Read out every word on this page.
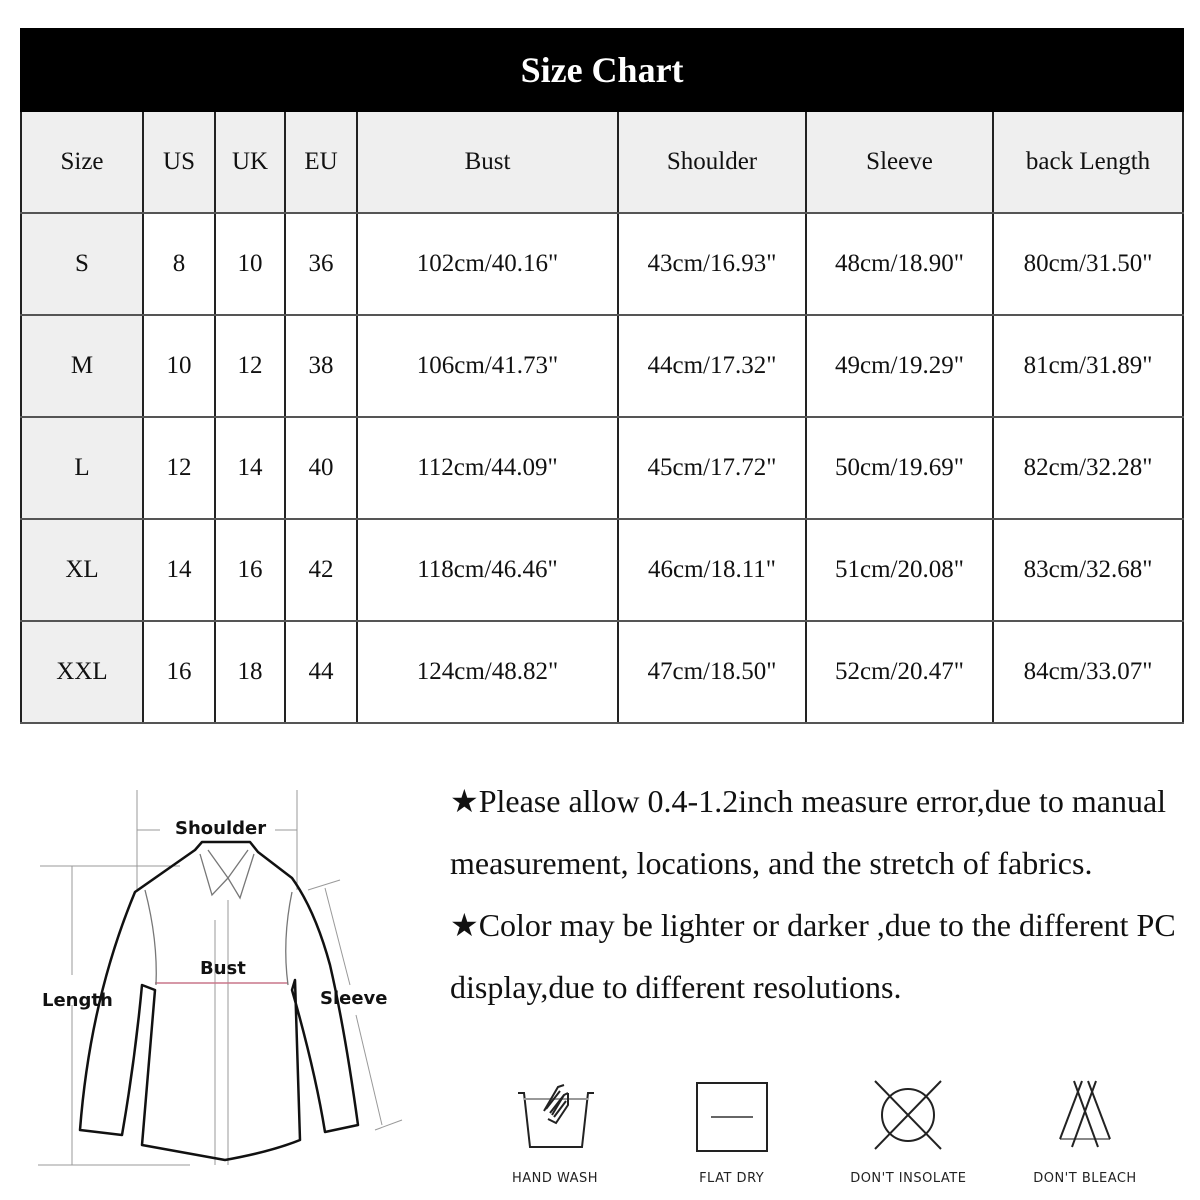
Size Chart							
Size	US	UK	EU	Bust	Shoulder	Sleeve	back Length
S	8	10	36	102cm/40.16"	43cm/16.93"	48cm/18.90"	80cm/31.50"
M	10	12	38	106cm/41.73"	44cm/17.32"	49cm/19.29"	81cm/31.89"
L	12	14	40	112cm/44.09"	45cm/17.72"	50cm/19.69"	82cm/32.28"
XL	14	16	42	118cm/46.46"	46cm/18.11"	51cm/20.08"	83cm/32.68"
XXL	16	18	44	124cm/48.82"	47cm/18.50"	52cm/20.47"	84cm/33.07"
Shoulder
Bust
Length	Sleeve

★Please allow 0.4-1.2inch measure error,due to manual measurement, locations, and the stretch of fabrics.

★Color may be lighter or darker ,due to the different PC display,due to different resolutions.

HAND WASH	FLAT DRY	DON'T INSOLATE	DON'T BLEACH
